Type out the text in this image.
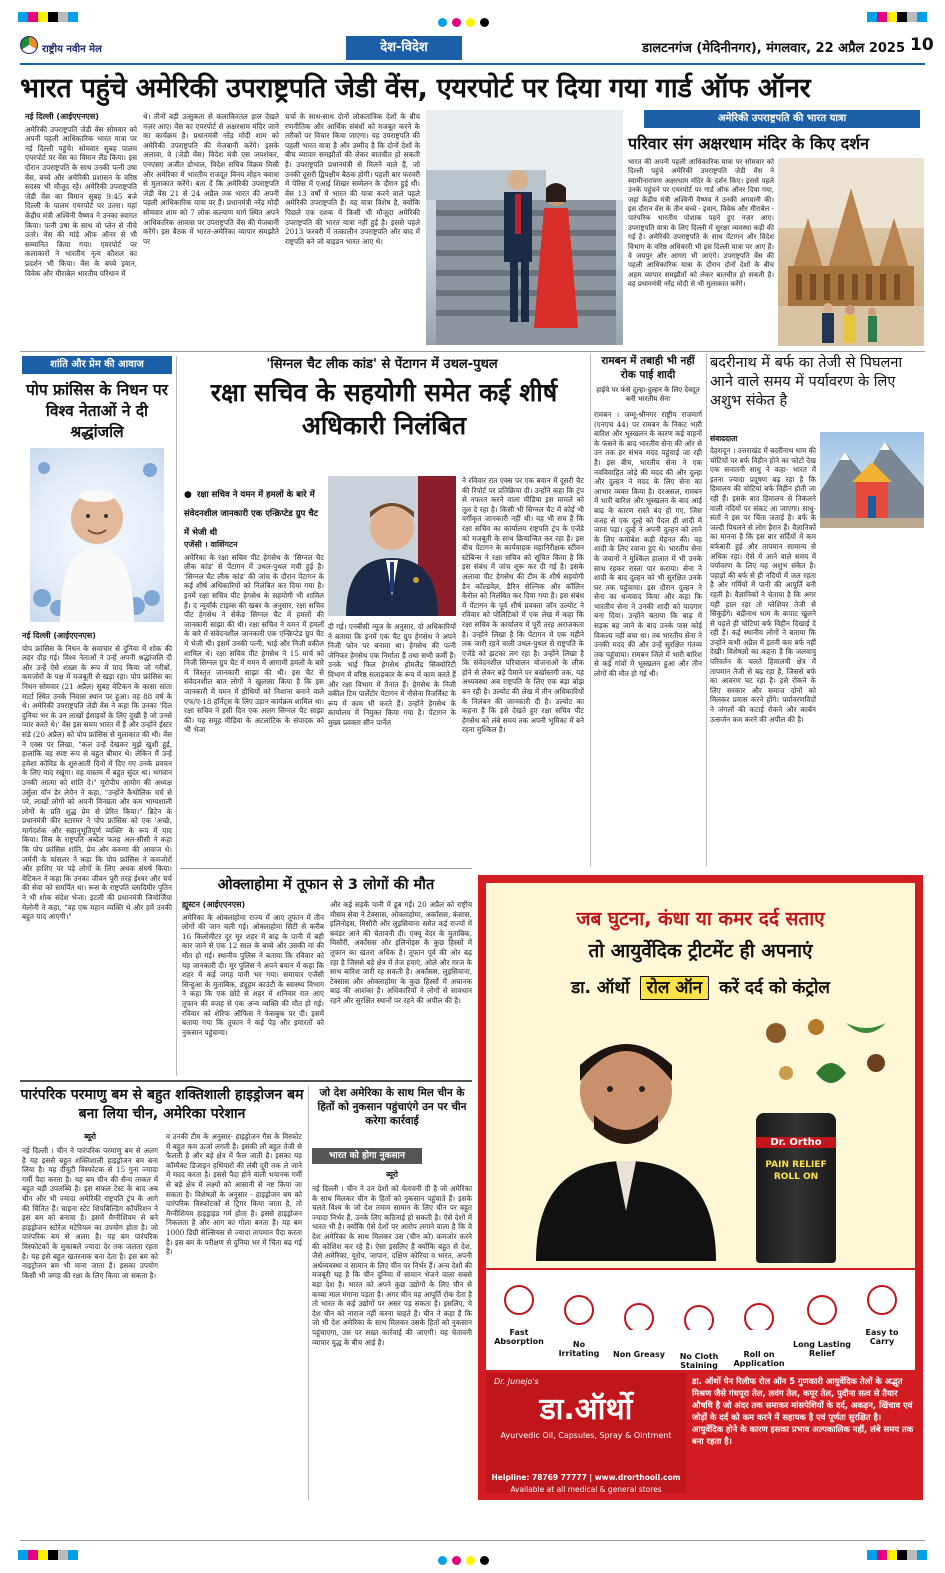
राष्ट्रीय नवीन मेल	देश-विदेश	डालटनगंज (मेदिनीनगर), मंगलवार, 22 अप्रैल 2025 10
भारत पहुंचे अमेरिकी उपराष्ट्रपति जेडी वेंस, एयरपोर्ट पर दिया गया गार्ड ऑफ ऑनर
नई दिल्ली (आईएएनएस)
अमेरिकी उपराष्ट्रपति जेडी वेंस सोमवार को अपनी पहली आधिकारिक भारत यात्रा पर नई दिल्ली पहुंचे। सोमवार सुबह पालम एयरपोर्ट पर वेंस का विमान लैंड किया। इस दौरान उपराष्ट्रपति के साथ उनकी पत्नी उषा वेंस, बच्चे और अमेरिकी प्रशासन के वरिष्ठ सदस्य भी मौजूद रहे। अमेरिकी उपराष्ट्रपति जेडी वेंस का विमान सुबह 9:45 बजे दिल्ली के पालम एयरपोर्ट पर उतरा। यहां केंद्रीय मंत्री अश्विनी वैष्णव ने उनका स्वागत किया। पत्नी उषा के साथ वो प्लेन से नीचे उतरे। वेंस की मांडे ऑफ ऑनर से भी सम्मानित किया गया। एयरपोर्ट पर कलाकारों ने भारतीय नृत्य कौशल का प्रदर्शन भी किया। वेंस के बच्चे इवान, विवेक और मीराबेल भारतीय परिधान में
थे। तीनों बड़ी उत्सुकता से कलाकिरतल हाल देखते नज़र आए। वेंस का एयरपोर्ट से अक्षरधाम मंदिर जाने का कार्यक्रम है। प्रधानमंत्री नरेंद्र मोदी शाम को अमेरिकी उपराष्ट्रपति की मेजबानी करेंगे। इसके अलावा, वे (जेडी वेंस) विदेश मंत्री एस जयशंकर, एनएसए अजीत डोभाल, विदेश सचिव विक्रम मिस्री और अमेरिका में भारतीय राजदूत विनय मोहन क्वात्रा से मुलाकात करेंगे। बता दें कि अमेरिकी उपराष्ट्रपति जेडी वेंस 21 से 24 अप्रैल तक भारत की अपनी पहली आधिकारिक यात्रा पर हैं। प्रधानमंत्री नरेंद्र मोदी सोमवार शाम को 7 लोक कल्याण मार्ग स्थित अपने आधिकारिक आवास पर उपराष्ट्रपति वेंस की मेजबानी करेंगे। इस बैठक में भारत-अमेरिका व्यापार समझौते पर
चर्चा के साथ-साथ दोनों लोकतांत्रिक देशों के बीच रणनीतिक और आर्थिक संबंधों को मजबूत करने के तरीकों पर विचार किया जाएगा। यह उपराष्ट्रपति की पहली भारत यात्रा है और उम्मीद है कि दोनों देशों के बीच व्यापार समझौतों की लेकर बातचीत हो सकती है। उपराष्ट्रपति प्रधानमंत्री से मिलने वाले हैं, जो उनकी दूसरी द्विपक्षीय बैठक होगी। पहली बार फरवरी में पेरिस में एआई शिखर सम्मेलन के दौरान हुई थी। वेंस 13 वर्षों में भारत की यात्रा करने वाले पहले अमेरिकी उपराष्ट्रपति हैं। यह यात्रा विशेष है, क्योंकि पिछले एक दशक में किसी भी मौजूदा अमेरिकी उपराष्ट्रपति की भारत यात्रा नहीं हुई है। इससे पहले 2013 फरवरी में तत्कालीन उपराष्ट्रपति और बाद में राष्ट्रपति बने जो बाइडन भारत आए थे।
अमेरिकी उपराष्ट्रपति की भारत यात्रा
परिवार संग अक्षरधाम मंदिर के किए दर्शन
भारत की अपनी पहली आधिकारिक यात्रा पर सोमवार को दिल्ली पहुंचे अमेरिकी उपराष्ट्रपति जेडी वेंस ने स्वामीनारायण अक्षरधाम मंदिर के दर्शन किए। इससे पहले उनके पहुंचने पर एयरपोर्ट पर गार्ड ऑफ ऑनर दिया गया, जहां केंद्रीय मंत्री अश्विनी वैष्णव ने उनकी अगवानी की। इस दौरान वेंस के तीन बच्चे - इवान, विवेक और मीराबेल - पारंपरिक भारतीय पोशाक पहने हुए नज़र आए। उपराष्ट्रपति यात्रा के लिए दिल्ली में सुरक्षा व्यवस्था कड़ी की गई है। अमेरिकी उपराष्ट्रपति के साथ पेंटागन और विदेश विभाग के वरिष्ठ अधिकारी भी इस दिल्ली यात्रा पर आए हैं। वे जयपुर और आगरा भी जाएंगे। उपराष्ट्रपति वेंस की पहली आधिकारिक यात्रा के दौरान दोनों देशों के बीच अहम व्यापार समझौतों को लेकर बातचीत हो सकती है। वह प्रधानमंत्री नरेंद्र मोदी से भी मुलाकात करेंगे।
शांति और प्रेम की आवाज
पोप फ्रांसिस के निधन पर विश्व नेताओं ने दी श्रद्धांजलि
नई दिल्ली (आईएएनएस)
पोप फ्रांसिस के निधन के समाचार से दुनिया में शोक की लहर दौड़ गई। विश्व नेताओं ने उन्हें अपनी श्रद्धांजलि दी और उन्हें ऐसे शख्स के रूप में याद किया जो गरीबों, कमजोरों के पक्ष में मजबूती से खड़ा रहा। पोप फ्रांसिस का निधन सोमवार (21 अप्रैल) सुबह वेटिकन के कासा सांता मार्टा स्थित उनके निवास स्थान पर हुआ। वह 88 वर्ष के थे। अमेरिकी उपराष्ट्रपति जेडी वेंस ने कहा कि उनका 'दिल दुनिया भर के उन लाखों ईसाइयों के लिए दुखी है जो उनसे प्यार करते थे।' वेंस इस समय भारत में हैं और उन्होंने ईस्टर संडे (20 अप्रैल) को पोप फ्रांसिस से मुलाकात की थी। वेंस ने एक्स पर लिखा, "कल उन्हें देखकर मुझे खुशी हुई, हालांकि वह स्पष्ट रूप से बहुत बीमार थे। लेकिन मैं उन्हें हमेशा कोविड के शुरुआती दिनों में दिए गए उनके प्रवचन के लिए याद रखूंगा। वह वास्तव में बहुत सुंदर था। भगवान उनकी आत्मा को शांति दे।" यूरोपीय आयोग की अध्यक्ष उर्सुला वॉन डेर लेयेन ने कहा, "उन्होंने कैथोलिक चर्च से परे, लाखों लोगों को अपनी विनम्रता और कम भाग्यशाली लोगों के प्रति शुद्ध प्रेम से प्रेरित किया।" ब्रिटेन के प्रधानमंत्री कीर स्टारमर ने पोप फ्रांसिस को एक 'अच्छे, मार्गदर्शक और सहानुभूतिपूर्ण व्यक्ति' के रूप में याद किया। मिस्र के राष्ट्रपति अब्देल फतह अल-सीसी ने कहा कि पोप फ्रांसिस शांति, प्रेम और करुणा की आवाज थे। जर्मनी के चांसलर ने कहा कि पोप फ्रांसिस ने कमजोरों और हाशिए पर पड़े लोगों के लिए अथक संघर्ष किया। वेटिकन ने कहा कि उनका जीवन पूरी तरह ईश्वर और चर्च की सेवा को समर्पित था। रूस के राष्ट्रपति व्लादिमीर पुतिन ने भी शोक संदेश भेजा। इटली की प्रधानमंत्री जियोर्जिया मेलोनी ने कहा, "वह एक महान व्यक्ति थे और हमें उनकी बहुत याद आएगी।"
'सिग्नल चैट लीक कांड' से पेंटागन में उथल-पुथल
रक्षा सचिव के सहयोगी समेत कई शीर्ष अधिकारी निलंबित
● रक्षा सचिव ने यमन में हमलों के बारे में संवेदनशील जानकारी एक एन्क्रिप्टेड ग्रुप चैट में भेजी थी
एजेंसी । वाशिंगटन
अमेरिका के रक्षा सचिव पीट हेगसेथ के 'सिग्नल चैट लीक कांड' से पेंटागन में उथल-पुथल मची हुई है। 'सिग्नल चैट लीक कांड' की जांच के दौरान पेंटागन के कई शीर्ष अधिकारियों को निलंबित कर दिया गया है। इनमें रक्षा सचिव पीट हेगसेथ के सहयोगी भी शामिल हैं। द न्यूयॉर्क टाइम्स की खबर के अनुसार, रक्षा सचिव पीट हेगसेथ ने सेकेंड सिग्नल चैट में हमलों की जानकारी साझा की थी। रक्षा सचिव ने यमन में हमलों के बारे में संवेदनशील जानकारी एक एन्क्रिप्टेड ग्रुप चैट में भेजी थी। इसमें उनकी पत्नी, भाई और निजी वकील शामिल थे। रक्षा सचिव पीट हेगसेथ ने 15 मार्च को निजी सिग्नल ग्रुप चैट में यमन में आगामी हमलों के बारे में विस्तृत जानकारी साझा की थी। इस चैट से संवेदनशील बात लोगों ने खुलासा किया है कि इस जानकारी में यमन में हौथियों को निशाना बनाने वाले एफ/ए-18 हॉर्नेट्स के लिए उड़ान कार्यक्रम शामिल था। रक्षा सचिव ने इसी दिन एक अलग सिग्नल चैट साझा की। यह समूह मीडिया के अटलांटिक के संपादक को भी भेजा
दी गई। एनबीसी न्यूज के अनुसार, दो अधिकारियों ने बताया कि इनमें एक चैट ग्रुप हेगसेथ ने अपने निजी फोन पर बनाया था। हेगसेथ की पत्नी जेनिफर हेगसेथ एक निर्माता हैं तथा सभी कर्मी हैं। उनके भाई फिल हेगसेथ होमलैंड सिक्योरिटी विभाग में वरिष्ठ सलाहकार के रूप में काम करते हैं और रक्षा विभाग में तैनात हैं। हेगसेथ के निजी वकील टिम पार्लेटोर पेंटागन में नौसेना रिजर्विस्ट के रूप में काम भी करते हैं। उन्होंने हेगसेथ के कार्यालय में नियुक्त किया गया है। पेंटागन के मुख्य प्रवक्ता सीन पार्नेल
ने रविवार रात एक्स पर एक बयान में दूसरी चैट की रिपोर्ट पर प्रतिक्रिया दी। उन्होंने कहा कि ट्रंप से नफरत करने वाला मीडिया इस मामले को तूल दे रहा है। किसी भी सिग्नल चैट में कोई भी वर्गीकृत जानकारी नहीं थी। वह भी सच है कि रक्षा सचिव का कार्यालय राष्ट्रपति ट्रंप के एजेंडे को मजबूती के साथ क्रियान्वित कर रहा है। इस बीच पेंटागन के कार्यवाहक महानिरीक्षक स्टीवन स्टेबिन्स ने रक्षा सचिव को सूचित किया है कि इस संबंध में जांच शुरू कर दी गई है। इसके अलावा पीट हेगसेथ की टीम के शीर्ष सहयोगी डैन कॉल्डवेल, डैरिन सेल्निक और कॉलिन कैरोल को निलंबित कर दिया गया है। इस संबंध में पेंटागन के पूर्व शीर्ष प्रवक्ता जॉन उल्योट ने रविवार को पोलिटिको में एक लेख में कहा कि रक्षा सचिव के कार्यालय में पूरी तरह अराजकता है। उन्होंने लिखा है कि पेंटागन में एक महीने तक जारी रहने वाली उथल-पुथल से राष्ट्रपति के एजेंडे को झटका लग रहा है। उन्होंने लिखा है कि संवेदनशील परिचालन योजनाओं के लीक होने से लेकर बड़े पैमाने पर बर्खास्तगी तक, यह अध्यवस्था अब राष्ट्रपति के लिए एक बड़ा बोझ बन रही है। उल्योट की लेख में तीन अधिकारियों के निलंबन की जानकारी दी है। उल्योट का कहना है कि इसे देखते हुए रक्षा सचिव पीट हेगसेथ को लंबे समय तक अपनी भूमिका में बने रहना मुश्किल है।
रामबन में तबाही भी नहीं रोक पाई शादी
हाईवे पर फंसे दूल्हा-दुल्हन के लिए देवदूत बनी भारतीय सेना
रामबन । जम्मू-श्रीनगर राष्ट्रीय राजमार्ग (एनएच 44) पर रामबन के निकट भारी बारिश और भूस्खलन के कारण कई वाहनों के फंसने के बाद भारतीय सेना की ओर से उन तक हर संभव मदद पहुंचाई जा रही है। इस बीच, भारतीय सेना ने एक नवविवाहित जोड़े की मदद की और दूल्हा और दुल्हन ने मदद के लिए सेना का आभार व्यक्त किया है। दरअसल, रामबन में भारी बारिश और भूस्खलन के बाद आई बाढ़ के कारण रास्ते बंद हो गए, जिस वजह से एक दूल्हे को पैदल ही शादी में जाना पड़ा। दूल्हे ने अपनी दुल्हन को लाने के लिए कमोबेश कड़ी मेहनत की। वह शादी के लिए रवाना हुए थे। भारतीय सेना के जवानों ने मुश्किल हालात में भी उनके साथ रहकर रास्ता पार कराया। सेना ने शादी के बाद दुल्हन को भी सुरक्षित उनके घर तक पहुंचाया। इस दौरान दुल्हन ने सेना का धन्यवाद किया और कहा कि भारतीय सेना ने उनकी शादी को यादगार बना दिया। उन्होंने बताया कि बाढ़ में सड़क बह जाने के बाद उनके पास कोई विकल्प नहीं बचा था। तब भारतीय सेना ने उनकी मदद की और उन्हें सुरक्षित गंतव्य तक पहुंचाया। रामबन जिले में भारी बारिश से कई गांवों में भूस्खलन हुआ और तीन लोगों की मौत हो गई थी।
बदरीनाथ में बर्फ का तेजी से पिघलना आने वाले समय में पर्यावरण के लिए अशुभ संकेत है
संवाददाता
देहरादून । उत्तराखंड में बदरीनाथ धाम की चोटियों पर बर्फ विहीन होने का फोटो देख एक सनातनी साधु ने कहा- भारत में इतना ज्यादा प्रदूषण बढ़ रहा है कि हिमालय की चोटियां बर्फ विहीन होती जा रही हैं। इसके बाद हिमालय से निकलने वाली नदियों पर संकट आ जाएगा। साधु-संतों ने इस पर चिंता जताई है। बर्फ के जल्दी पिघलने से लोग हैरान हैं। वैज्ञानिकों का मानना है कि इस बार सर्दियों में कम बर्फबारी हुई और तापमान सामान्य से अधिक रहा। ऐसे में आने वाले समय में पर्यावरण के लिए यह अशुभ संकेत है। पहाड़ों की बर्फ से ही नदियों में जल रहता है और गर्मियों में पानी की आपूर्ति बनी रहती है। वैज्ञानिकों ने चेताया है कि अगर यही हाल रहा तो ग्लेशियर तेजी से सिकुड़ेंगे। बद्रीनाथ धाम के कपाट खुलने से पहले ही चोटियां बर्फ विहीन दिखाई दे रही हैं। कई स्थानीय लोगों ने बताया कि उन्होंने कभी अप्रैल में इतनी कम बर्फ नहीं देखी। विशेषज्ञों का कहना है कि जलवायु परिवर्तन के चलते हिमालयी क्षेत्र में तापमान तेजी से बढ़ रहा है, जिससे बर्फ का आवरण घट रहा है। इसे रोकने के लिए सरकार और समाज दोनों को मिलकर प्रयास करने होंगे। पर्यावरणविदों ने जंगलों की कटाई रोकने और कार्बन उत्सर्जन कम करने की अपील की है।
ओक्लाहोमा में तूफान से 3 लोगों की मौत
ह्यूस्टन (आईएएनएस)
अमेरिका के ओक्लाहोमा राज्य में आए तूफान में तीन लोगों की जान चली गई। ओक्लाहोमा सिटी से करीब 16 किलोमीटर दूर मूर शहर में बाढ़ के पानी में बही कार जाने से एक 12 साल के बच्चे और उसकी मां की मौत हो गई। स्थानीय पुलिस ने बताया कि रविवार को यह जानकारी दी। मूर पुलिस ने अपने बयान में कहा कि शहर में कई जगह पानी भर गया। समाचार एजेंसी सिन्हुआ के मुताबिक, ड्यूहम काउंटी के स्वास्थ्य विभाग ने कहा कि एक छोटे से शहर में शनिवार रात आए तूफान की वजह से एक अन्य व्यक्ति की मौत हो गई। रविवार को शेरिफ ऑफिस ने फेसबुक पर दी। इसमें बताया गया कि तूफान ने कई पेड़ और इमारतों को नुकसान पहुंचाया।
और कई सड़कें पानी में डूब गईं। 20 अप्रैल को राष्ट्रीय मौसम सेवा ने टेक्सास, ओक्लाहोमा, अर्कांसस, कंसास, इलिनोइस, मिसौरी और लुइसियाना समेत कई राज्यों में बवंडर आने की चेतावनी दी। एक्यू वेदर के मुताबिक, मिसौरी, अर्कांसस और इलिनोइस के कुछ हिस्सों में तूफान का खतरा अधिक है। तूफान पूर्व की ओर बढ़ रहा है जिससे बड़े क्षेत्र में तेज हवाएं, ओले और गरज के साथ बारिश जारी रह सकती है। अर्कांसस, लुइसियाना, टेक्सास और ओक्लाहोमा के कुछ हिस्सों में अचानक बाढ़ की आशंका है। अधिकारियों ने लोगों से सावधान रहने और सुरक्षित स्थानों पर रहने की अपील की है।
पारंपरिक परमाणु बम से बहुत शक्तिशाली हाइड्रोजन बम बना लिया चीन, अमेरिका परेशान
ब्यूरो
नई दिल्ली । चीन ने पारंपरिक परमाणु बम से अलग है यह इससे बहुत शक्तिशाली हाइड्रोजन बम बना लिया है। यह दीयूटी विस्फोटक से 15 गुना ज्यादा गर्मी पैदा करता है। यह बम चीन की सैन्य ताकत में बहुत बड़ी उपलब्धि है। इस सफल टेस्ट के बाद अब चीन और भी ज्यादा अमेरिकी राष्ट्रपति ट्रंप के आगे की चिंतित हैं। चाइना स्टेट शिपबिल्डिंग कॉर्पोरेशन ने इस बम को बनाया है। इसमें मैग्नीशियम से बने हाइड्रोजन स्टोरेज मटेरियल का उपयोग होता है। जो पारंपरिक बम से अलग है। यह बम पारंपरिक विस्फोटकों के मुकाबले ज्यादा देर तक जलता रहता है। यह इसे बहुत खतरनाक बना देता है। इस बम को नाइट्रोजन बम भी माना जाता है। इसका उपयोग किसी भी जगह की रक्षा के लिए किया जा सकता है।
व उनकी टीम के अनुसार- हाइड्रोजन गैस के विस्फोट में बहुत कम ऊर्जा लगती है। इसकी लौ बहुत तेजी से फैलती है और बड़े क्षेत्र में फैल जाती है। इसका यह कॉम्पैक्ट डिजाइन हथियारों की लंबी दूरी तक ले जाने में मदद करता है। इससे पैदा होने वाली भयानक गर्मी से बड़े क्षेत्र में लक्ष्यों को आसानी से नष्ट किया जा सकता है। विशेषज्ञों के अनुसार - हाइड्रोजन बम को पारंपरिक विस्फोटकों से ट्रिगर किया जाता है, तो मैग्नीशियम हाइड्राइड गर्म होता है। इससे हाइड्रोजन निकलता है और आग का गोला बनता है। यह बम 1000 डिग्री सेल्सियस से ज्यादा तापमान पैदा करता है। इस बम के परीक्षण से दुनिया भर में चिंता बढ़ गई है।
जो देश अमेरिका के साथ मिल चीन के हितों को नुकसान पहुंचाएंगे उन पर चीन करेगा कार्रवाई
भारत को होगा नुकसान
ब्यूरो
नई दिल्ली । चीन ने उन देशों को चेतावनी दी है जो अमेरिका के साथ मिलकर चीन के हितों को नुकसान पहुंचाते हैं। इसके चलते विश्व के जो देश तमाम सामान के लिए चीन पर बहुत ज्यादा निर्भर हैं, उनके लिए कठिनाई हो सकती है। ऐसे देशों में भारत भी है। क्योंकि ऐसे देशों पर आरोप लगाने वाला है कि वे देश अमेरिका के साथ मिलकर उस (चीन को) कमजोर करने की कोशिश कर रहे हैं। ऐसा इसलिए है क्योंकि बहुत से देश, जैसे अमेरिका, यूरोप, जापान, दक्षिण कोरिया व भारत, अपनी अर्थव्यवस्था व सामान के लिए चीन पर निर्भर हैं। अन्य देशों की मजबूरी यह है कि चीन दुनिया में सामान भेजने वाला सबसे बड़ा देश है। भारत को अपने कुछ उद्योगों के लिए चीन से कच्चा माल मंगाना पड़ता है। अगर चीन यह आपूर्ति रोक देता है तो भारत के कई उद्योगों पर असर पड़ सकता है। इसलिए, ये देश चीन को नाराज नहीं करना चाहते हैं। चीन ने कहा है कि जो भी देश अमेरिका के साथ मिलकर उसके हितों को नुकसान पहुंचाएगा, उस पर सख्त कार्रवाई की जाएगी। यह चेतावनी व्यापार युद्ध के बीच आई है।
जब घुटना, कंधा या कमर दर्द सताए
तो आयुर्वेदिक ट्रीटमेंट ही अपनाएं
डा. ऑर्थो रोल ऑन करें दर्द को कंट्रोल
Dr. Ortho
PAIN RELIEF ROLL ON
Fast Absorption	No Irritating	Non Greasy	No Cloth Staining
Roll on Application
Long Lasting Relief
Easy to Carry
Dr. Junejo's
डा.ऑर्थो
Ayurvedic Oil, Capsules, Spray & Ointment
Helpline: 78769 77777 | www.drorthooil.com
Available at all medical & general stores
डा. ऑर्थो पेन रिलीफ रोल ऑन 5 गुणकारी आयुर्वेदिक तेलों के अद्भुत मिश्रण जैसे गंधपूरा तेल, लवंग तेल, कपूर तेल, पुदीना सत्व से तैयार औषधि है जो अंदर तक समाकर मांसपेशियों के दर्द, अकड़न, खिंचाव एवं जोड़ों के दर्द को कम करने में सहायक है एवं पूर्णतः सुरक्षित है। आयुर्वेदिक होने के कारण इसका प्रभाव अल्पकालिक नहीं, लंबे समय तक बना रहता है।
